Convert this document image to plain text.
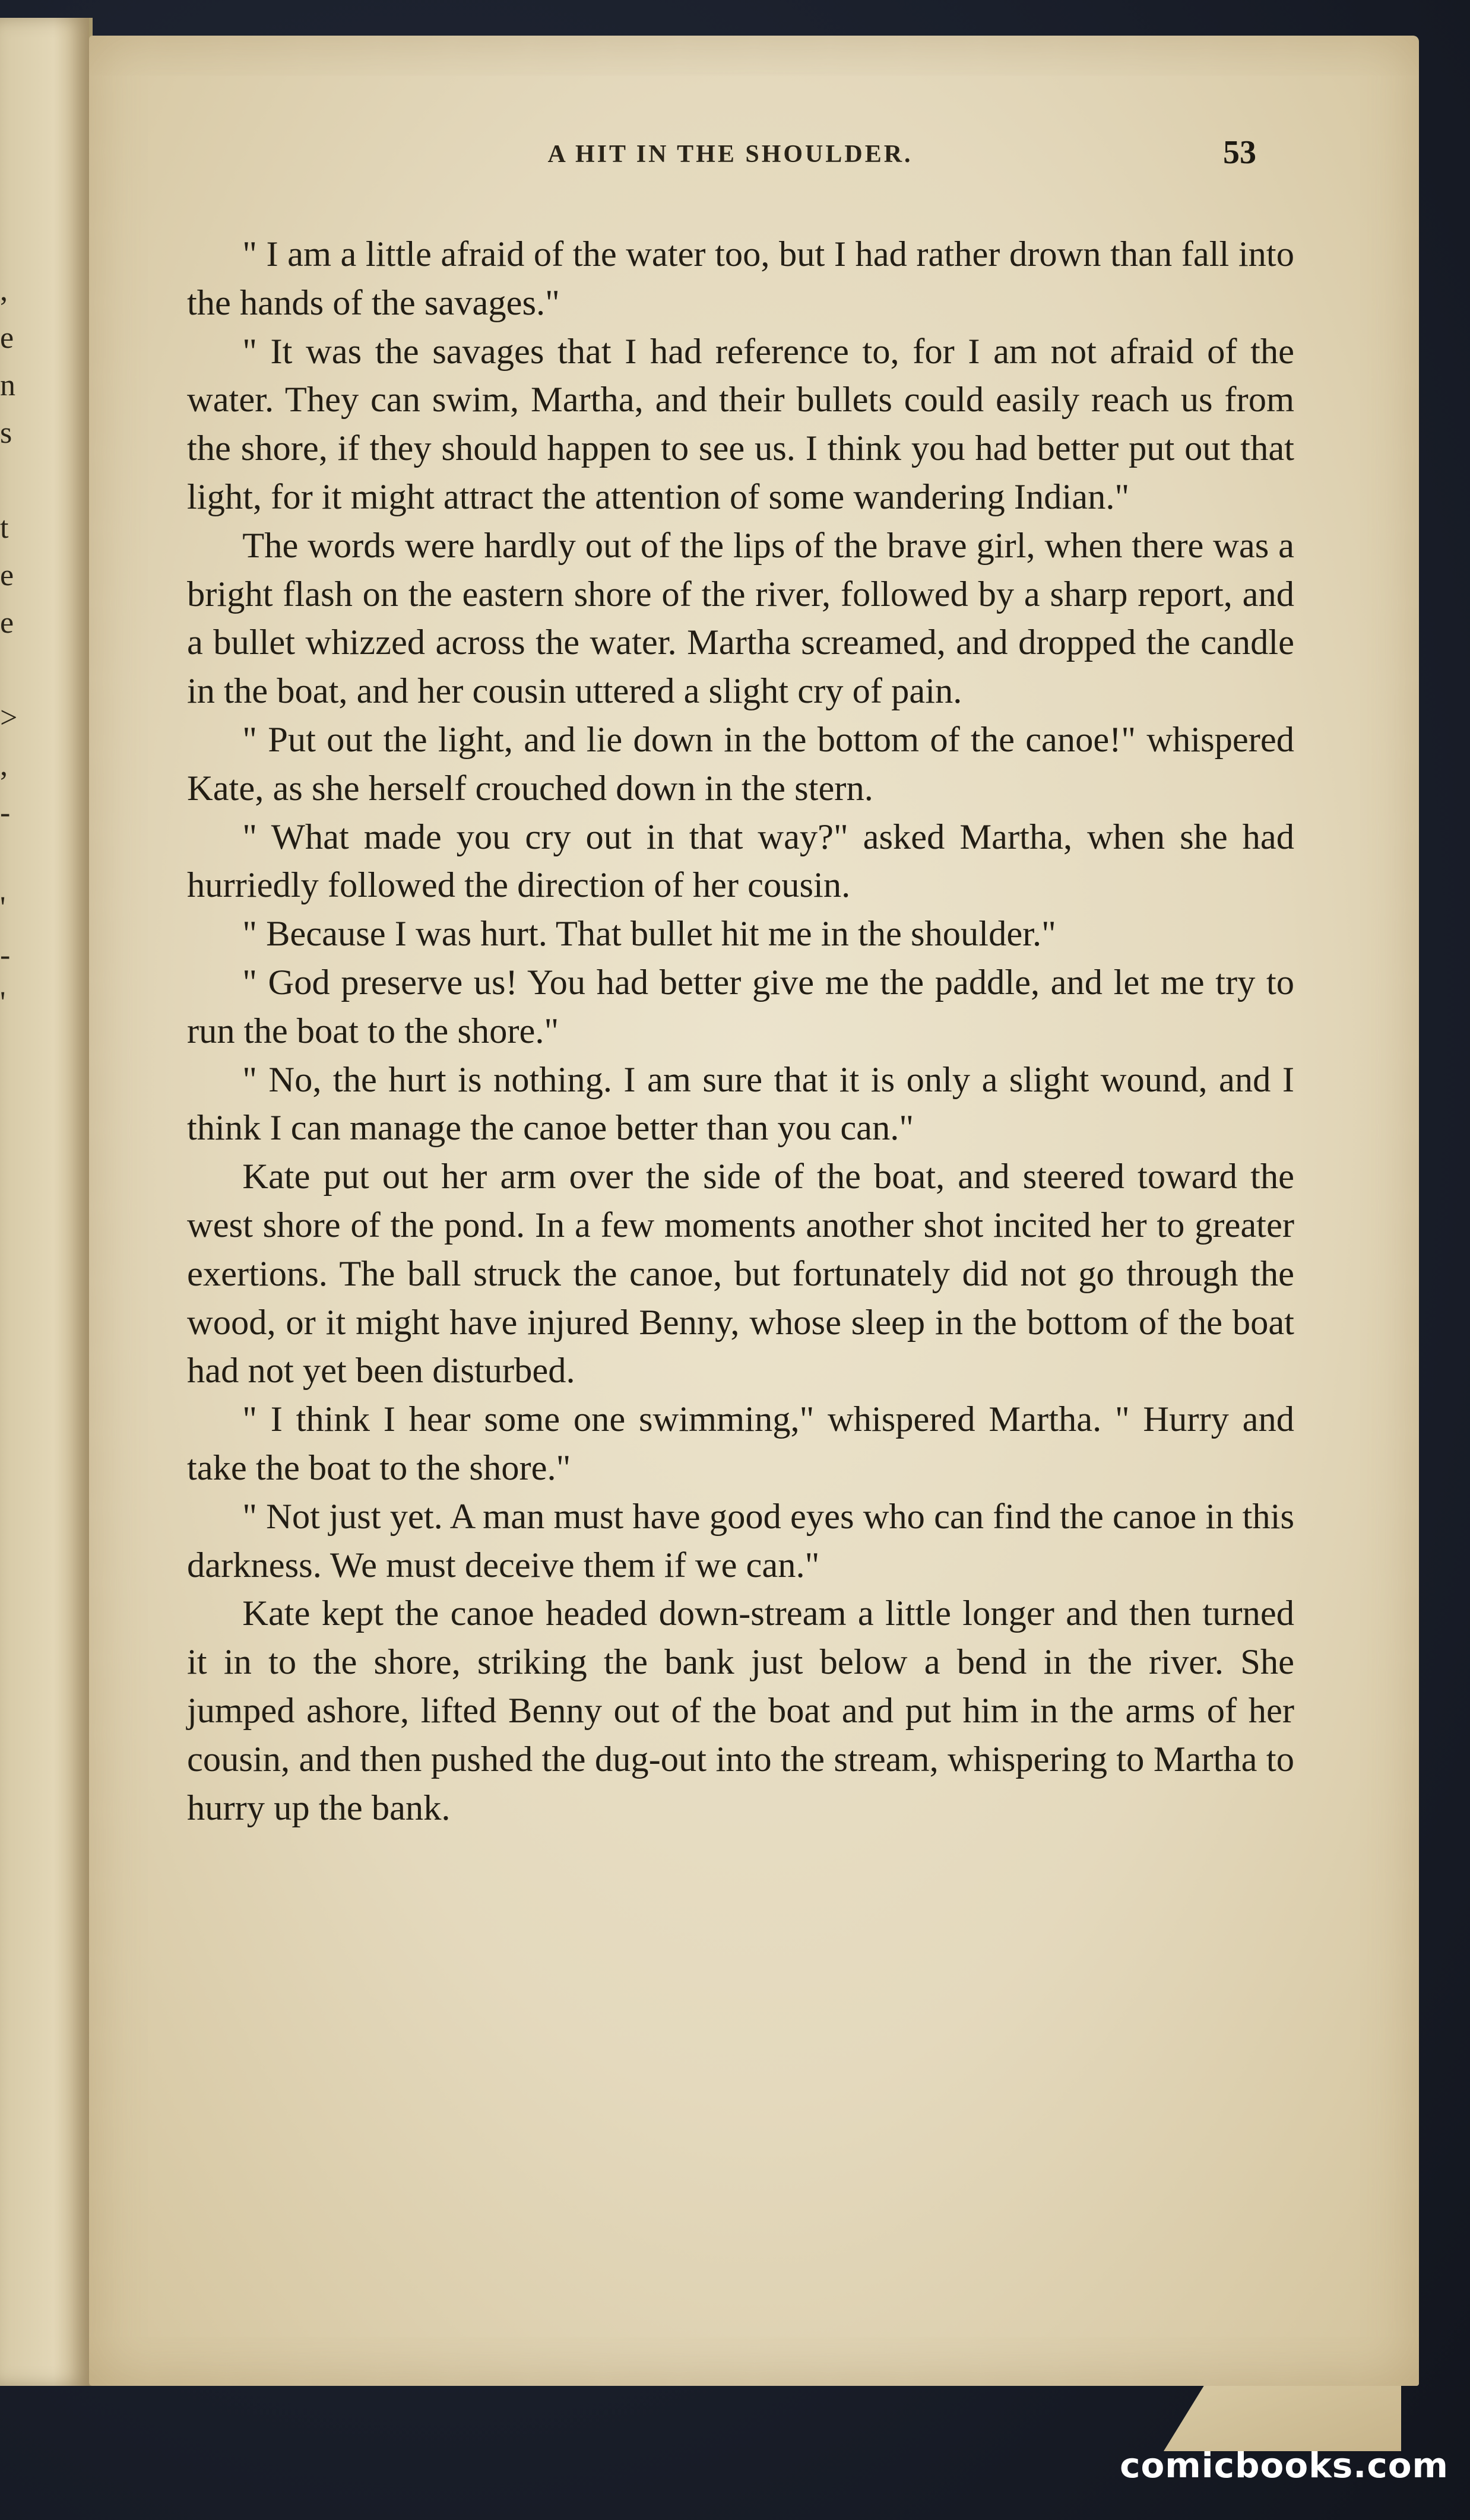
,
e
n
s
t
e
e
>
,
-
'
-
'
A HIT IN THE SHOULDER.	53

" I am a little afraid of the water too, but I had rather drown than fall into the hands of the savages."

" It was the savages that I had reference to, for I am not afraid of the water. They can swim, Martha, and their bullets could easily reach us from the shore, if they should happen to see us. I think you had better put out that light, for it might attract the attention of some wandering Indian."

The words were hardly out of the lips of the brave girl, when there was a bright flash on the eastern shore of the river, followed by a sharp report, and a bullet whizzed across the water. Martha screamed, and dropped the candle in the boat, and her cousin uttered a slight cry of pain.

" Put out the light, and lie down in the bottom of the canoe!" whispered Kate, as she herself crouched down in the stern.

" What made you cry out in that way?" asked Martha, when she had hurriedly followed the direction of her cousin.

" Because I was hurt. That bullet hit me in the shoulder."

" God preserve us! You had better give me the paddle, and let me try to run the boat to the shore."

" No, the hurt is nothing. I am sure that it is only a slight wound, and I think I can manage the canoe better than you can."

Kate put out her arm over the side of the boat, and steered toward the west shore of the pond. In a few moments another shot incited her to greater exertions. The ball struck the canoe, but fortunately did not go through the wood, or it might have injured Benny, whose sleep in the bottom of the boat had not yet been disturbed.

" I think I hear some one swimming," whispered Martha. " Hurry and take the boat to the shore."

" Not just yet. A man must have good eyes who can find the canoe in this darkness. We must deceive them if we can."

Kate kept the canoe headed down-stream a little longer and then turned it in to the shore, striking the bank just below a bend in the river. She jumped ashore, lifted Benny out of the boat and put him in the arms of her cousin, and then pushed the dug-out into the stream, whispering to Martha to hurry up the bank.

comicbooks.com
